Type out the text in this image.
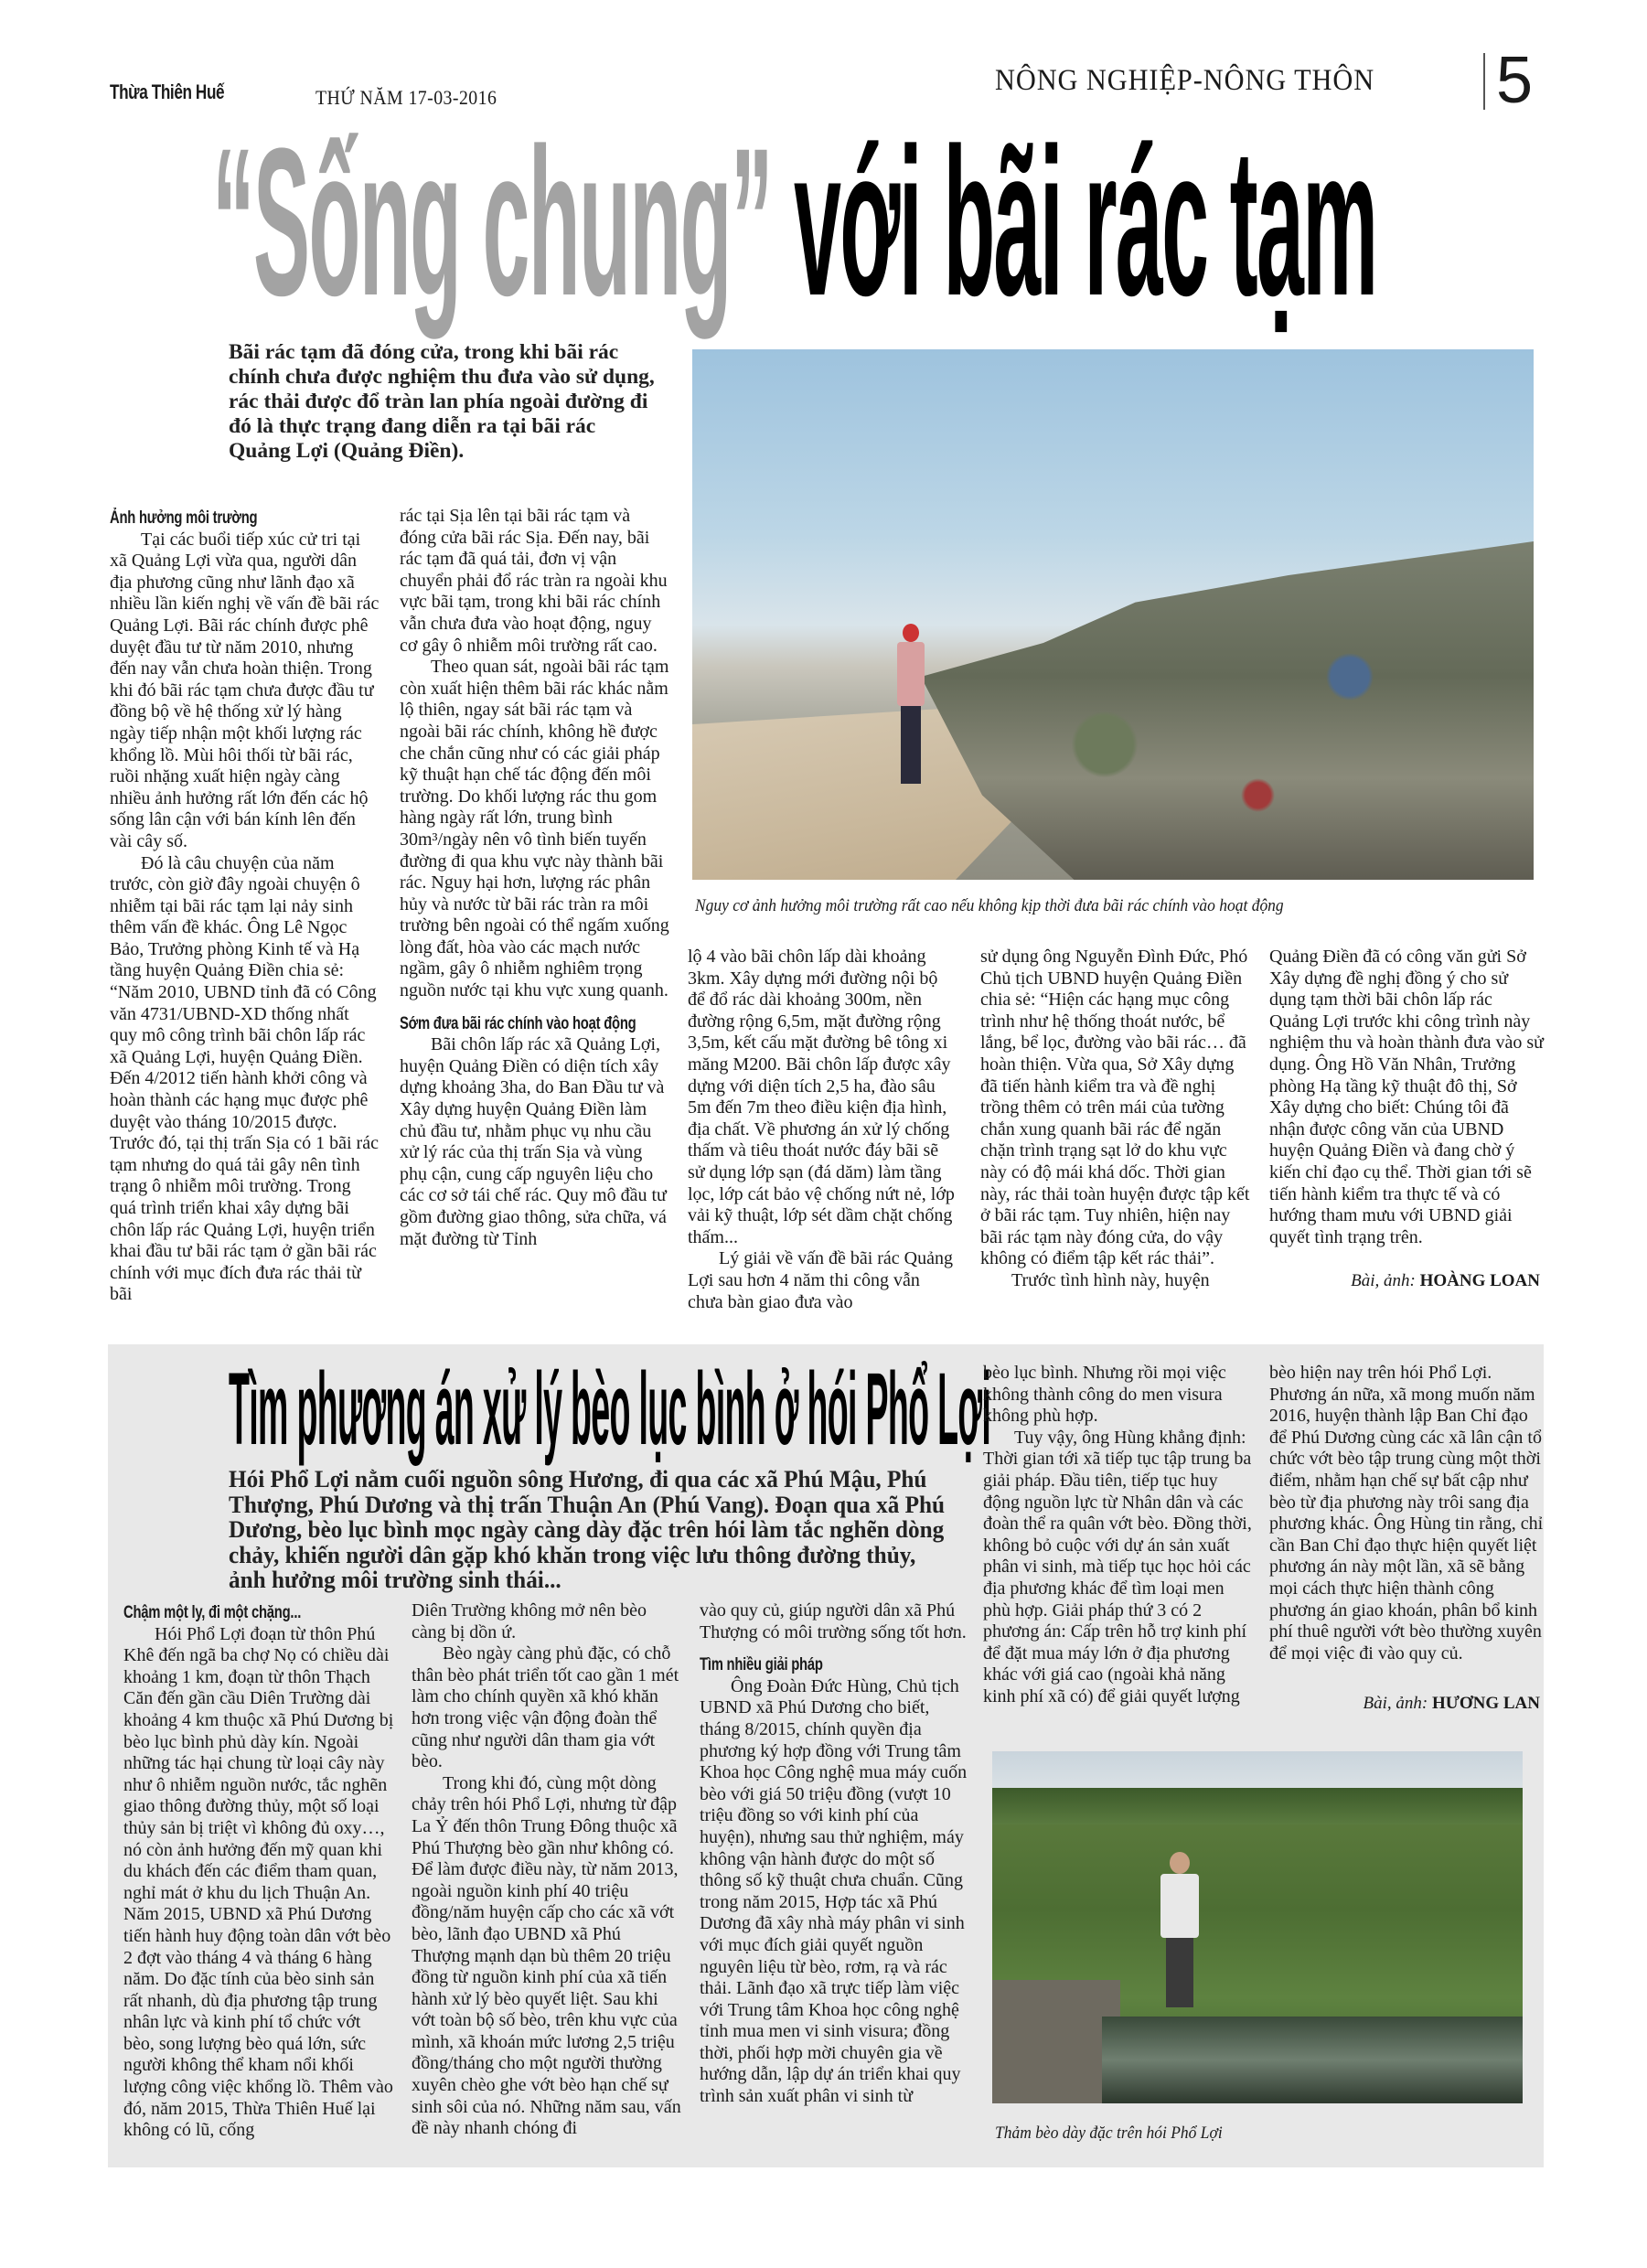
Thừa Thiên Huế	THỨ NĂM 17-03-2016
NÔNG NGHIỆP-NÔNG THÔN 5
“Sống chung” với bãi rác tạm
Bãi rác tạm đã đóng cửa, trong khi bãi rác chính chưa được nghiệm thu đưa vào sử dụng, rác thải được đổ tràn lan phía ngoài đường đi đó là thực trạng đang diễn ra tại bãi rác Quảng Lợi (Quảng Điền).
Nguy cơ ảnh hưởng môi trường rất cao nếu không kịp thời đưa bãi rác chính vào hoạt động
Ảnh hưởng môi trường

Tại các buổi tiếp xúc cử tri tại xã Quảng Lợi vừa qua, người dân địa phương cũng như lãnh đạo xã nhiều lần kiến nghị về vấn đề bãi rác Quảng Lợi. Bãi rác chính được phê duyệt đầu tư từ năm 2010, nhưng đến nay vẫn chưa hoàn thiện. Trong khi đó bãi rác tạm chưa được đầu tư đồng bộ về hệ thống xử lý hàng ngày tiếp nhận một khối lượng rác khổng lồ. Mùi hôi thối từ bãi rác, ruồi nhặng xuất hiện ngày càng nhiều ảnh hưởng rất lớn đến các hộ sống lân cận với bán kính lên đến vài cây số.

Đó là câu chuyện của năm trước, còn giờ đây ngoài chuyện ô nhiễm tại bãi rác tạm lại nảy sinh thêm vấn đề khác. Ông Lê Ngọc Bảo, Trưởng phòng Kinh tế và Hạ tầng huyện Quảng Điền chia sẻ: “Năm 2010, UBND tỉnh đã có Công văn 4731/UBND-XD thống nhất quy mô công trình bãi chôn lấp rác xã Quảng Lợi, huyện Quảng Điền. Đến 4/2012 tiến hành khởi công và hoàn thành các hạng mục được phê duyệt vào tháng 10/2015 được. Trước đó, tại thị trấn Sịa có 1 bãi rác tạm nhưng do quá tải gây nên tình trạng ô nhiễm môi trường. Trong quá trình triển khai xây dựng bãi chôn lấp rác Quảng Lợi, huyện triển khai đầu tư bãi rác tạm ở gần bãi rác chính với mục đích đưa rác thải từ bãi

rác tại Sịa lên tại bãi rác tạm và đóng cửa bãi rác Sịa. Đến nay, bãi rác tạm đã quá tải, đơn vị vận chuyển phải đổ rác tràn ra ngoài khu vực bãi tạm, trong khi bãi rác chính vẫn chưa đưa vào hoạt động, nguy cơ gây ô nhiễm môi trường rất cao.

Theo quan sát, ngoài bãi rác tạm còn xuất hiện thêm bãi rác khác nằm lộ thiên, ngay sát bãi rác tạm và ngoài bãi rác chính, không hề được che chắn cũng như có các giải pháp kỹ thuật hạn chế tác động đến môi trường. Do khối lượng rác thu gom hàng ngày rất lớn, trung bình 30m³/ngày nên vô tình biến tuyến đường đi qua khu vực này thành bãi rác. Nguy hại hơn, lượng rác phân hủy và nước từ bãi rác tràn ra môi trường bên ngoài có thể ngấm xuống lòng đất, hòa vào các mạch nước ngầm, gây ô nhiễm nghiêm trọng nguồn nước tại khu vực xung quanh.

Sớm đưa bãi rác chính vào hoạt động

Bãi chôn lấp rác xã Quảng Lợi, huyện Quảng Điền có diện tích xây dựng khoảng 3ha, do Ban Đầu tư và Xây dựng huyện Quảng Điền làm chủ đầu tư, nhằm phục vụ nhu cầu xử lý rác của thị trấn Sịa và vùng phụ cận, cung cấp nguyên liệu cho các cơ sở tái chế rác. Quy mô đầu tư gồm đường giao thông, sửa chữa, vá mặt đường từ Tỉnh

lộ 4 vào bãi chôn lấp dài khoảng 3km. Xây dựng mới đường nội bộ để đổ rác dài khoảng 300m, nền đường rộng 6,5m, mặt đường rộng 3,5m, kết cấu mặt đường bê tông xi măng M200. Bãi chôn lấp được xây dựng với diện tích 2,5 ha, đào sâu 5m đến 7m theo điều kiện địa hình, địa chất. Về phương án xử lý chống thấm và tiêu thoát nước đáy bãi sẽ sử dụng lớp sạn (đá dăm) làm tầng lọc, lớp cát bảo vệ chống nứt nẻ, lớp vải kỹ thuật, lớp sét dầm chặt chống thấm...

Lý giải về vấn đề bãi rác Quảng Lợi sau hơn 4 năm thi công vẫn chưa bàn giao đưa vào

sử dụng ông Nguyễn Đình Đức, Phó Chủ tịch UBND huyện Quảng Điền chia sẻ: “Hiện các hạng mục công trình như hệ thống thoát nước, bể lắng, bể lọc, đường vào bãi rác… đã hoàn thiện. Vừa qua, Sở Xây dựng đã tiến hành kiểm tra và đề nghị trồng thêm cỏ trên mái của tường chắn xung quanh bãi rác để ngăn chặn trình trạng sạt lở do khu vực này có độ mái khá dốc. Thời gian này, rác thải toàn huyện được tập kết ở bãi rác tạm. Tuy nhiên, hiện nay bãi rác tạm này đóng cửa, do vậy không có điểm tập kết rác thải”.

Trước tình hình này, huyện

Quảng Điền đã có công văn gửi Sở Xây dựng đề nghị đồng ý cho sử dụng tạm thời bãi chôn lấp rác Quảng Lợi trước khi công trình này nghiệm thu và hoàn thành đưa vào sử dụng. Ông Hồ Văn Nhân, Trưởng phòng Hạ tầng kỹ thuật đô thị, Sở Xây dựng cho biết: Chúng tôi đã nhận được công văn của UBND huyện Quảng Điền và đang chờ ý kiến chỉ đạo cụ thể. Thời gian tới sẽ tiến hành kiểm tra thực tế và có hướng tham mưu với UBND giải quyết tình trạng trên.

Bài, ảnh: HOÀNG LOAN
Tìm phương án xử lý bèo lục bình ở hói Phổ Lợi
Hói Phổ Lợi nằm cuối nguồn sông Hương, đi qua các xã Phú Mậu, Phú Thượng, Phú Dương và thị trấn Thuận An (Phú Vang). Đoạn qua xã Phú Dương, bèo lục bình mọc ngày càng dày đặc trên hói làm tắc nghẽn dòng chảy, khiến người dân gặp khó khăn trong việc lưu thông đường thủy, ảnh hưởng môi trường sinh thái...
Chậm một ly, đi một chặng...

Hói Phổ Lợi đoạn từ thôn Phú Khê đến ngã ba chợ Nọ có chiều dài khoảng 1 km, đoạn từ thôn Thạch Căn đến gần cầu Diên Trường dài khoảng 4 km thuộc xã Phú Dương bị bèo lục bình phủ dày kín. Ngoài những tác hại chung từ loại cây này như ô nhiễm nguồn nước, tắc nghẽn giao thông đường thủy, một số loại thủy sản bị triệt vì không đủ oxy…, nó còn ảnh hưởng đến mỹ quan khi du khách đến các điểm tham quan, nghỉ mát ở khu du lịch Thuận An. Năm 2015, UBND xã Phú Dương tiến hành huy động toàn dân vớt bèo 2 đợt vào tháng 4 và tháng 6 hàng năm. Do đặc tính của bèo sinh sản rất nhanh, dù địa phương tập trung nhân lực và kinh phí tổ chức vớt bèo, song lượng bèo quá lớn, sức người không thể kham nổi khối lượng công việc khổng lồ. Thêm vào đó, năm 2015, Thừa Thiên Huế lại không có lũ, cống

Diên Trường không mở nên bèo càng bị dồn ứ.

Bèo ngày càng phủ đặc, có chỗ thân bèo phát triển tốt cao gần 1 mét làm cho chính quyền xã khó khăn hơn trong việc vận động đoàn thể cũng như người dân tham gia vớt bèo.

Trong khi đó, cùng một dòng chảy trên hói Phổ Lợi, nhưng từ đập La Ỷ đến thôn Trung Đông thuộc xã Phú Thượng bèo gần như không có. Để làm được điều này, từ năm 2013, ngoài nguồn kinh phí 40 triệu đồng/năm huyện cấp cho các xã vớt bèo, lãnh đạo UBND xã Phú Thượng mạnh dạn bù thêm 20 triệu đồng từ nguồn kinh phí của xã tiến hành xử lý bèo quyết liệt. Sau khi vớt toàn bộ số bèo, trên khu vực của mình, xã khoán mức lương 2,5 triệu đồng/tháng cho một người thường xuyên chèo ghe vớt bèo hạn chế sự sinh sôi của nó. Những năm sau, vấn đề này nhanh chóng đi

vào quy củ, giúp người dân xã Phú Thượng có môi trường sống tốt hơn.

Tìm nhiều giải pháp

Ông Đoàn Đức Hùng, Chủ tịch UBND xã Phú Dương cho biết, tháng 8/2015, chính quyền địa phương ký hợp đồng với Trung tâm Khoa học Công nghệ mua máy cuốn bèo với giá 50 triệu đồng (vượt 10 triệu đồng so với kinh phí của huyện), nhưng sau thử nghiệm, máy không vận hành được do một số thông số kỹ thuật chưa chuẩn. Cũng trong năm 2015, Hợp tác xã Phú Dương đã xây nhà máy phân vi sinh với mục đích giải quyết nguồn nguyên liệu từ bèo, rơm, rạ và rác thải. Lãnh đạo xã trực tiếp làm việc với Trung tâm Khoa học công nghệ tỉnh mua men vi sinh visura; đồng thời, phối hợp mời chuyên gia về hướng dẫn, lập dự án triển khai quy trình sản xuất phân vi sinh từ

bèo lục bình. Nhưng rồi mọi việc không thành công do men visura không phù hợp.

Tuy vậy, ông Hùng khẳng định: Thời gian tới xã tiếp tục tập trung ba giải pháp. Đầu tiên, tiếp tục huy động nguồn lực từ Nhân dân và các đoàn thể ra quân vớt bèo. Đồng thời, không bỏ cuộc với dự án sản xuất phân vi sinh, mà tiếp tục học hỏi các địa phương khác để tìm loại men phù hợp. Giải pháp thứ 3 có 2 phương án: Cấp trên hỗ trợ kinh phí để đặt mua máy lớn ở địa phương khác với giá cao (ngoài khả năng kinh phí xã có) để giải quyết lượng

bèo hiện nay trên hói Phổ Lợi. Phương án nữa, xã mong muốn năm 2016, huyện thành lập Ban Chỉ đạo để Phú Dương cùng các xã lân cận tổ chức vớt bèo tập trung cùng một thời điểm, nhằm hạn chế sự bất cập như bèo từ địa phương này trôi sang địa phương khác. Ông Hùng tin rằng, chỉ cần Ban Chỉ đạo thực hiện quyết liệt phương án này một lần, xã sẽ bằng mọi cách thực hiện thành công phương án giao khoán, phân bổ kinh phí thuê người vớt bèo thường xuyên để mọi việc đi vào quy củ.

Bài, ảnh: HƯƠNG LAN
Thảm bèo dày đặc trên hói Phổ Lợi
